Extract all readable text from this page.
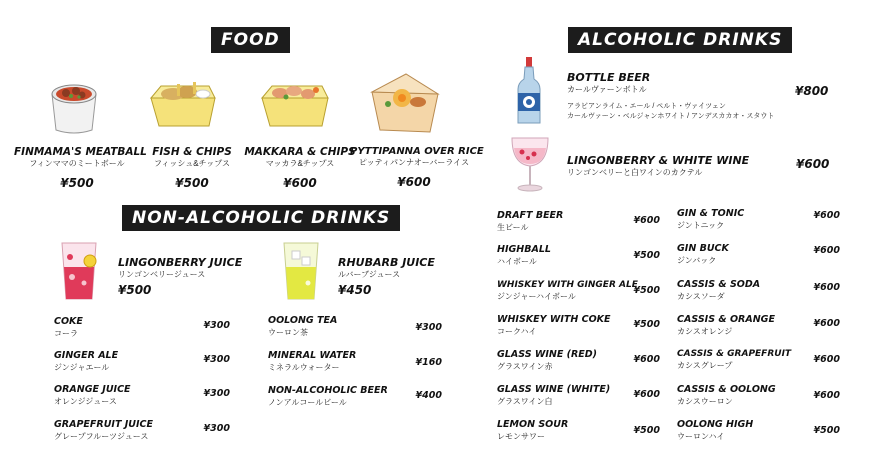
FOOD
FINMAMA'S MEATBALL
フィンママのミートボール
¥500
FISH & CHIPS
フィッシュ&チップス
¥500
MAKKARA & CHIPS
マッカラ&チップス
¥600
PYTTIPANNA OVER RICE
ピッティパンナオーバーライス
¥600
NON-ALCOHOLIC DRINKS
LINGONBERRY JUICE
リンゴンベリージュース
¥500
RHUBARB JUICE
ルバーブジュース
¥450
COKE
コーラ
¥300
GINGER ALE
ジンジャエール
¥300
ORANGE JUICE
オレンジジュース
¥300
GRAPEFRUIT JUICE
グレープフルーツジュース
¥300
OOLONG TEA
ウーロン茶	¥300
MINERAL WATER
ミネラルウォーター	¥160
NON-ALCOHOLIC BEER
ノンアルコールビール
¥400
ALCOHOLIC DRINKS
BOTTLE BEER
カールヴァーンボトル
アラビアンライム・エール / ペルト・ヴァイツェン
カールヴァーン・ベルジャンホワイト / アンデスカカオ・スタウト
¥800
LINGONBERRY & WHITE WINE
リンゴンベリーと白ワインのカクテル
¥600
DRAFT BEER
生ビール
¥600
HIGHBALL
ハイボール
¥500
WHISKEY WITH GINGER ALE
ジンジャーハイボール
¥500
WHISKEY WITH COKE
コークハイ
¥500
GLASS WINE (RED)
グラスワイン赤
¥600
GLASS WINE (WHITE)
グラスワイン白
¥600
LEMON SOUR
レモンサワー
¥500
GIN & TONIC
ジントニック
¥600
GIN BUCK
ジンバック
¥600
CASSIS & SODA
カシスソーダ
¥600
CASSIS & ORANGE
カシスオレンジ
¥600
CASSIS & GRAPEFRUIT
カシスグレープ
¥600
CASSIS & OOLONG
カシスウーロン
¥600
OOLONG HIGH
ウーロンハイ
¥500
